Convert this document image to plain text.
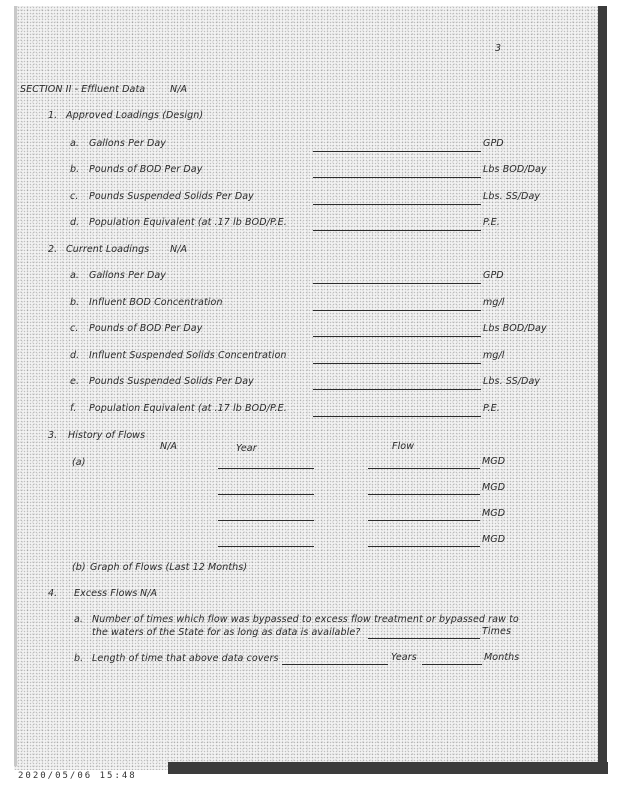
3
SECTION II - Effluent Data	N/A
1. Approved Loadings (Design)
a. Gallons Per Day	GPD
b. Pounds of BOD Per Day	Lbs BOD/Day
c. Pounds Suspended Solids Per Day	Lbs. SS/Day
d. Population Equivalent (at .17 lb BOD/P.E.	P.E.
2. Current Loadings N/A
a. Gallons Per Day	GPD
b. Influent BOD Concentration	mg/l
c. Pounds of BOD Per Day	Lbs BOD/Day
d. Influent Suspended Solids Concentration	mg/l
e. Pounds Suspended Solids Per Day	Lbs. SS/Day
f. Population Equivalent (at .17 lb BOD/P.E.	P.E.
3. History of Flows
N/A	Year	Flow
(a)	MGD
MGD
MGD
MGD
(b) Graph of Flows (Last 12 Months)
4. Excess Flows N/A
a. Number of times which flow was bypassed to excess flow treatment or bypassed raw to
the waters of the State for as long as data is available?	Times
b. Length of time that above data covers	Years	Months
2020/05/06 15:48
